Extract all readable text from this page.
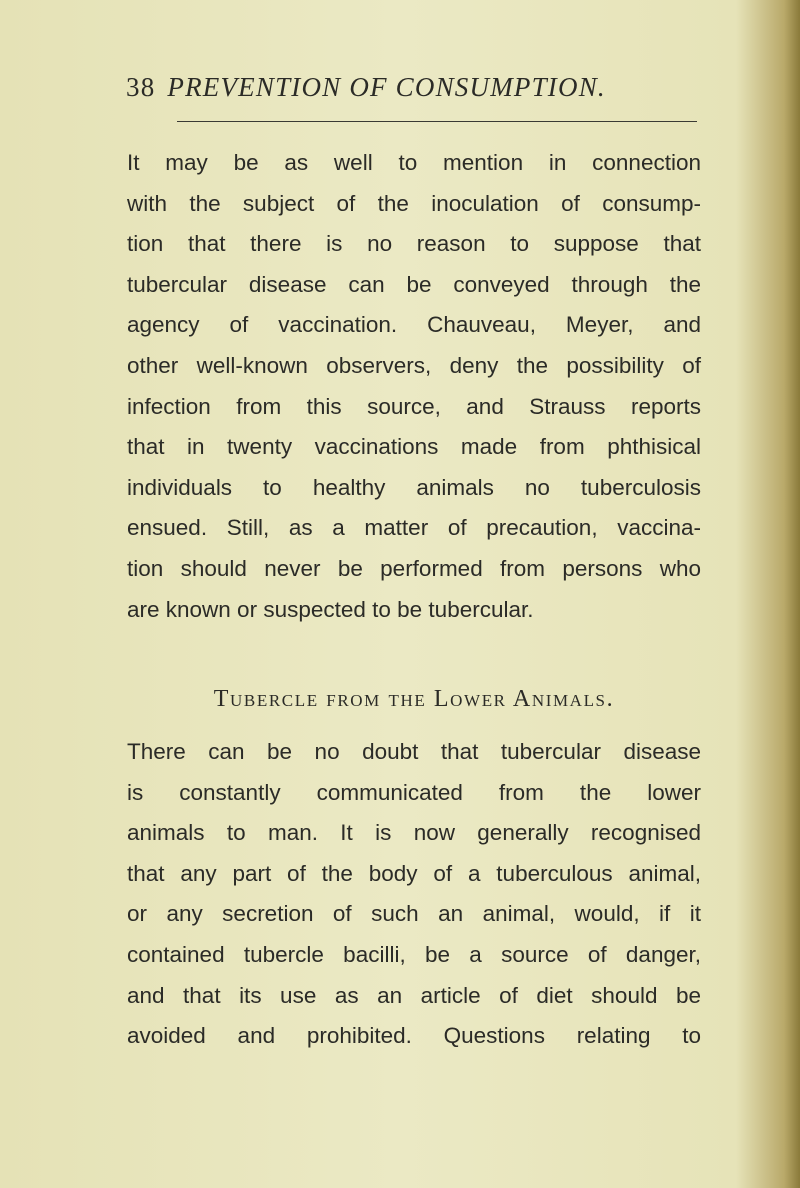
38 PREVENTION OF CONSUMPTION.

It may be as well to mention in connection
with the subject of the inoculation of consump-
tion that there is no reason to suppose that
tubercular disease can be conveyed through the
agency of vaccination. Chauveau, Meyer, and
other well-known observers, deny the possibility of
infection from this source, and Strauss reports
that in twenty vaccinations made from phthisical
individuals to healthy animals no tuberculosis
ensued. Still, as a matter of precaution, vaccina-
tion should never be performed from persons who
are known or suspected to be tubercular.

Tubercle from the Lower Animals.

There can be no doubt that tubercular disease
is constantly communicated from the lower
animals to man. It is now generally recognised
that any part of the body of a tuberculous animal,
or any secretion of such an animal, would, if it
contained tubercle bacilli, be a source of danger,
and that its use as an article of diet should be
avoided and prohibited. Questions relating to
